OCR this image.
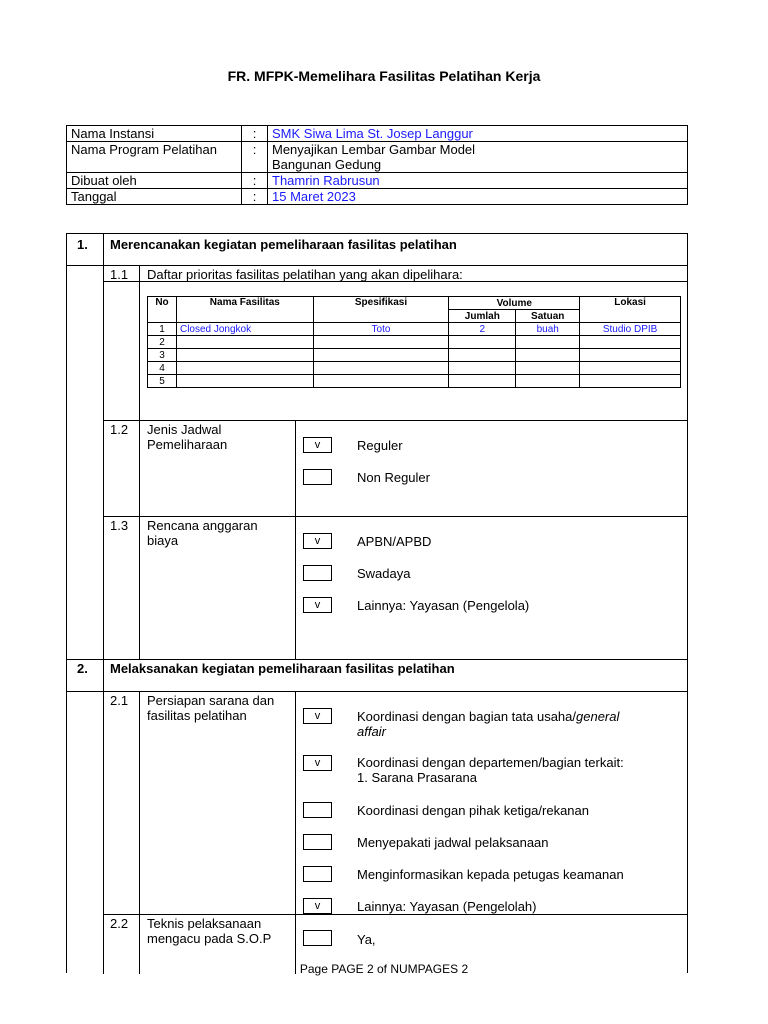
FR. MFPK-Memelihara Fasilitas Pelatihan Kerja
Nama Instansi	:	SMK Siwa Lima St. Josep Langgur
Nama Program Pelatihan	:	Menyajikan Lembar Gambar Model
Bangunan Gedung

Dibuat oleh	:	Thamrin Rabrusun
Tanggal	:	15 Maret 2023
1. Merencanakan kegiatan pemeliharaan fasilitas pelatihan
1.1 Daftar prioritas fasilitas pelatihan yang akan dipelihara:
No	Nama Fasilitas	Spesifikasi	Volume		Lokasi
			Jumlah	Satuan	
1	Closed Jongkok	Toto	2	buah	Studio DPIB
2					
3					
4					
5					
1.2 Jenis Jadwal
Pemeliharaan	v	Reguler
Non Reguler
1.3 Rencana anggaran
biaya	v	APBN/APBD
Swadaya
v	Lainnya: Yayasan (Pengelola)
2. Melaksanakan kegiatan pemeliharaan fasilitas pelatihan
2.1 Persiapan sarana dan
fasilitas pelatihan	v	Koordinasi dengan bagian tata usaha/general
affair
v	Koordinasi dengan departemen/bagian terkait:
1. Sarana Prasarana
Koordinasi dengan pihak ketiga/rekanan
Menyepakati jadwal pelaksanaan
Menginformasikan kepada petugas keamanan
v	Lainnya: Yayasan (Pengelolah)
2.2 Teknis pelaksanaan
mengacu pada S.O.P	Ya,
Page PAGE 2 of NUMPAGES 2
